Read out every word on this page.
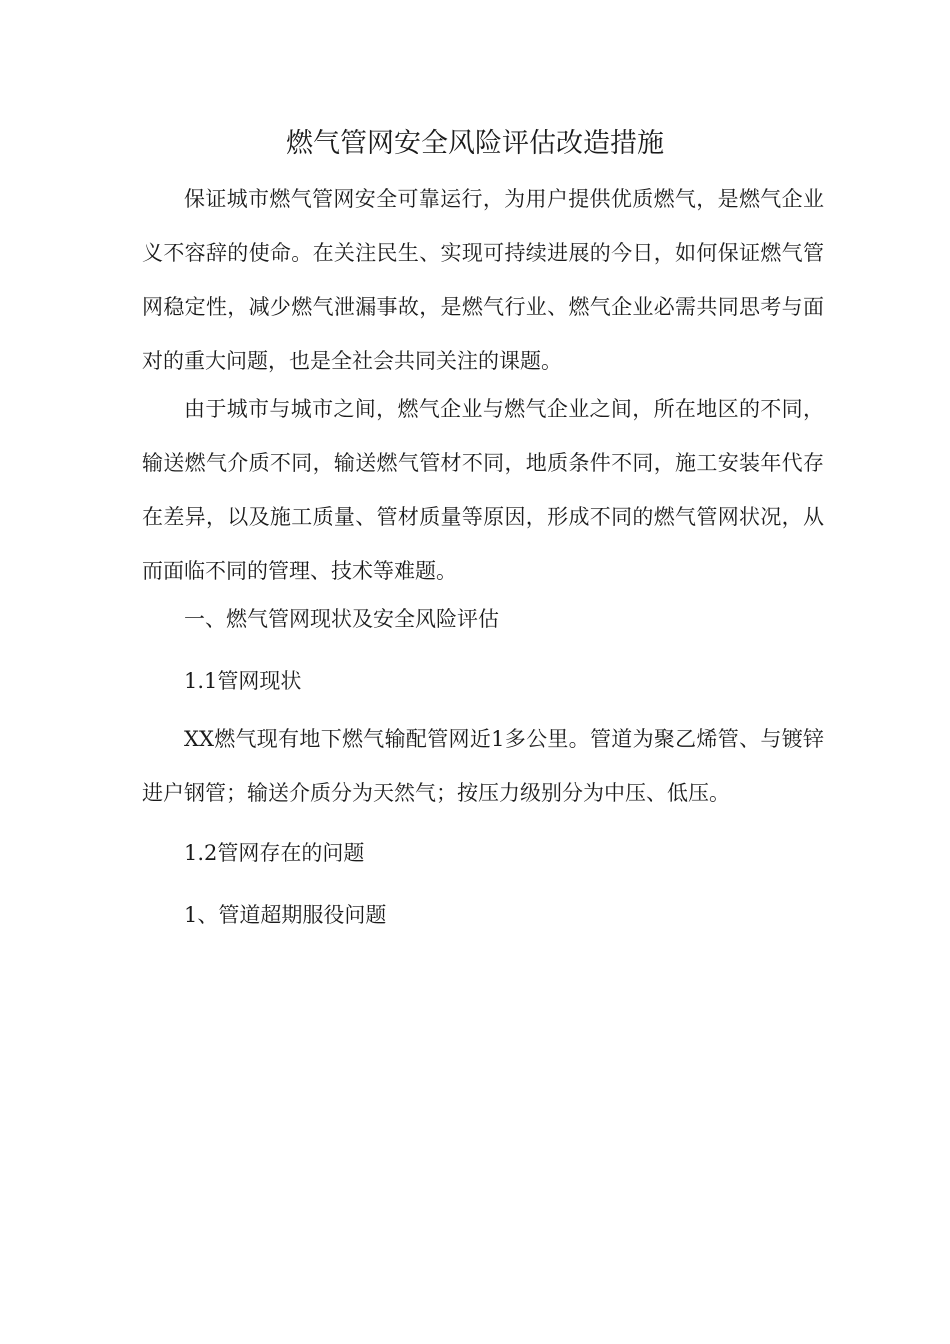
燃气管网安全风险评估改造措施

保证城市燃气管网安全可靠运行，为用户提供优质燃气，是燃气企业义不容辞的使命。在关注民生、实现可持续进展的今日，如何保证燃气管网稳定性，减少燃气泄漏事故，是燃气行业、燃气企业必需共同思考与面对的重大问题，也是全社会共同关注的课题。

由于城市与城市之间，燃气企业与燃气企业之间，所在地区的不同，输送燃气介质不同，输送燃气管材不同，地质条件不同，施工安装年代存在差异，以及施工质量、管材质量等原因，形成不同的燃气管网状况，从而面临不同的管理、技术等难题。

一、燃气管网现状及安全风险评估

1.1管网现状

XX燃气现有地下燃气输配管网近1多公里。管道为聚乙烯管、与镀锌进户钢管；输送介质分为天然气；按压力级别分为中压、低压。

1.2管网存在的问题

1、管道超期服役问题
